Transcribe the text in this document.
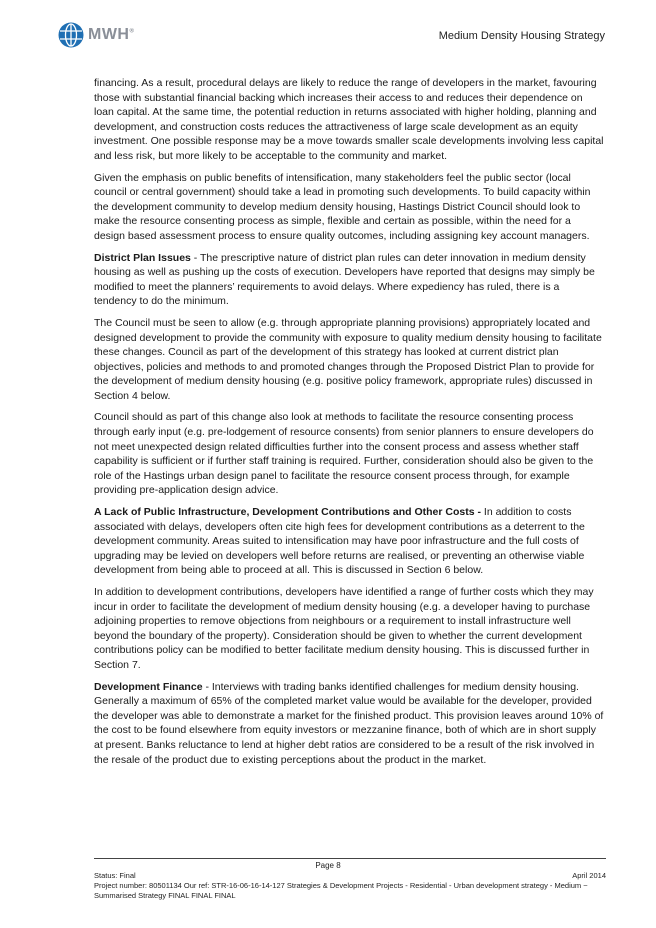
MWH®	Medium Density Housing Strategy

financing. As a result, procedural delays are likely to reduce the range of developers in the market, favouring those with substantial financial backing which increases their access to and reduces their dependence on loan capital. At the same time, the potential reduction in returns associated with higher holding, planning and development, and construction costs reduces the attractiveness of large scale development as an equity investment. One possible response may be a move towards smaller scale developments involving less capital and less risk, but more likely to be acceptable to the community and market.

Given the emphasis on public benefits of intensification, many stakeholders feel the public sector (local council or central government) should take a lead in promoting such developments. To build capacity within the development community to develop medium density housing, Hastings District Council should look to make the resource consenting process as simple, flexible and certain as possible, within the need for a design based assessment process to ensure quality outcomes, including assigning key account managers.

District Plan Issues - The prescriptive nature of district plan rules can deter innovation in medium density housing as well as pushing up the costs of execution. Developers have reported that designs may simply be modified to meet the planners’ requirements to avoid delays. Where expediency has ruled, there is a tendency to do the minimum.

The Council must be seen to allow (e.g. through appropriate planning provisions) appropriately located and designed development to provide the community with exposure to quality medium density housing to facilitate these changes. Council as part of the development of this strategy has looked at current district plan objectives, policies and methods to and promoted changes through the Proposed District Plan to provide for the development of medium density housing (e.g. positive policy framework, appropriate rules) discussed in Section 4 below.

Council should as part of this change also look at methods to facilitate the resource consenting process through early input (e.g. pre-lodgement of resource consents) from senior planners to ensure developers do not meet unexpected design related difficulties further into the consent process and assess whether staff capability is sufficient or if further staff training is required. Further, consideration should also be given to the role of the Hastings urban design panel to facilitate the resource consent process through, for example providing pre-application design advice.

A Lack of Public Infrastructure, Development Contributions and Other Costs - In addition to costs associated with delays, developers often cite high fees for development contributions as a deterrent to the development community. Areas suited to intensification may have poor infrastructure and the full costs of upgrading may be levied on developers well before returns are realised, or preventing an otherwise viable development from being able to proceed at all. This is discussed in Section 6 below.

In addition to development contributions, developers have identified a range of further costs which they may incur in order to facilitate the development of medium density housing (e.g. a developer having to purchase adjoining properties to remove objections from neighbours or a requirement to install infrastructure well beyond the boundary of the property). Consideration should be given to whether the current development contributions policy can be modified to better facilitate medium density housing. This is discussed further in Section 7.

Development Finance - Interviews with trading banks identified challenges for medium density housing. Generally a maximum of 65% of the completed market value would be available for the developer, provided the developer was able to demonstrate a market for the finished product. This provision leaves around 10% of the cost to be found elsewhere from equity investors or mezzanine finance, both of which are in short supply at present. Banks reluctance to lend at higher debt ratios are considered to be a result of the risk involved in the resale of the product due to existing perceptions about the product in the market.

Page 8
Status: Final	April 2014
Project number: 80501134 Our ref: STR-16-06-16-14-127 Strategies & Development Projects - Residential - Urban development strategy - Medium ~ Summarised Strategy FINAL FINAL FINAL
